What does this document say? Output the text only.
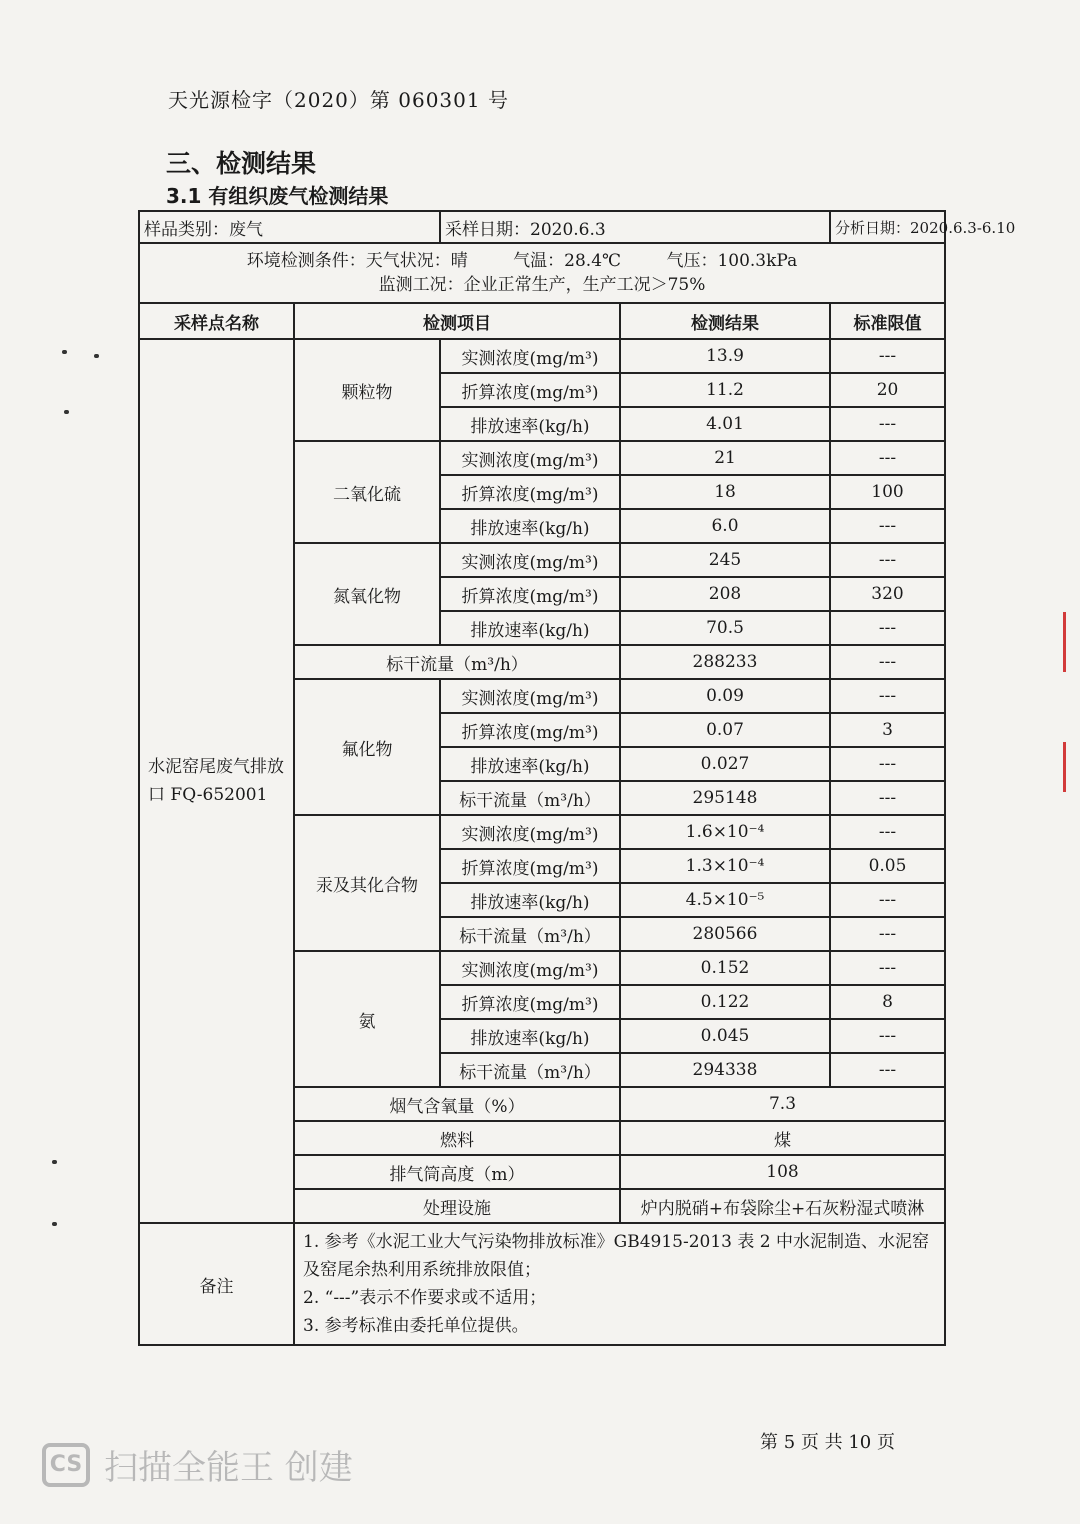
天光源检字（2020）第 060301 号
三、检测结果
3.1 有组织废气检测结果
样品类别：废气		采样日期：2020.6.3		分析日期：2020.6.3-6.10

环境检测条件：天气状况：晴 气温：28.4℃ 气压：100.3kPa
监测工况：企业正常生产，生产工况＞75%				

采样点名称	检测项目		检测结果	标准限值
水泥窑尾废气排放口 FQ-652001	颗粒物	实测浓度(mg/m³)	13.9	---
		折算浓度(mg/m³)	11.2	20
		排放速率(kg/h)	4.01	---
	二氧化硫	实测浓度(mg/m³)	21	---
		折算浓度(mg/m³)	18	100
		排放速率(kg/h)	6.0	---
	氮氧化物	实测浓度(mg/m³)	245	---
		折算浓度(mg/m³)	208	320
		排放速率(kg/h)	70.5	---
	标干流量（m³/h）		288233	---
	氟化物	实测浓度(mg/m³)	0.09	---
		折算浓度(mg/m³)	0.07	3
		排放速率(kg/h)	0.027	---
		标干流量（m³/h）	295148	---
	汞及其化合物	实测浓度(mg/m³)	1.6×10⁻⁴	---
		折算浓度(mg/m³)	1.3×10⁻⁴	0.05
		排放速率(kg/h)	4.5×10⁻⁵	---
		标干流量（m³/h）	280566	---
	氨	实测浓度(mg/m³)	0.152	---
		折算浓度(mg/m³)	0.122	8
		排放速率(kg/h)	0.045	---
		标干流量（m³/h）	294338	---
	烟气含氧量（%）		7.3	
	燃料		煤	
	排气筒高度（m）		108	
	处理设施		炉内脱硝+布袋除尘+石灰粉湿式喷淋	
备注	1. 参考《水泥工业大气污染物排放标准》GB4915-2013 表 2 中水泥制造、水泥窑及窑尾余热利用系统排放限值；
2. “---”表示不作要求或不适用；
3. 参考标准由委托单位提供。			
第 5 页 共 10 页
CS 扫描全能王 创建
